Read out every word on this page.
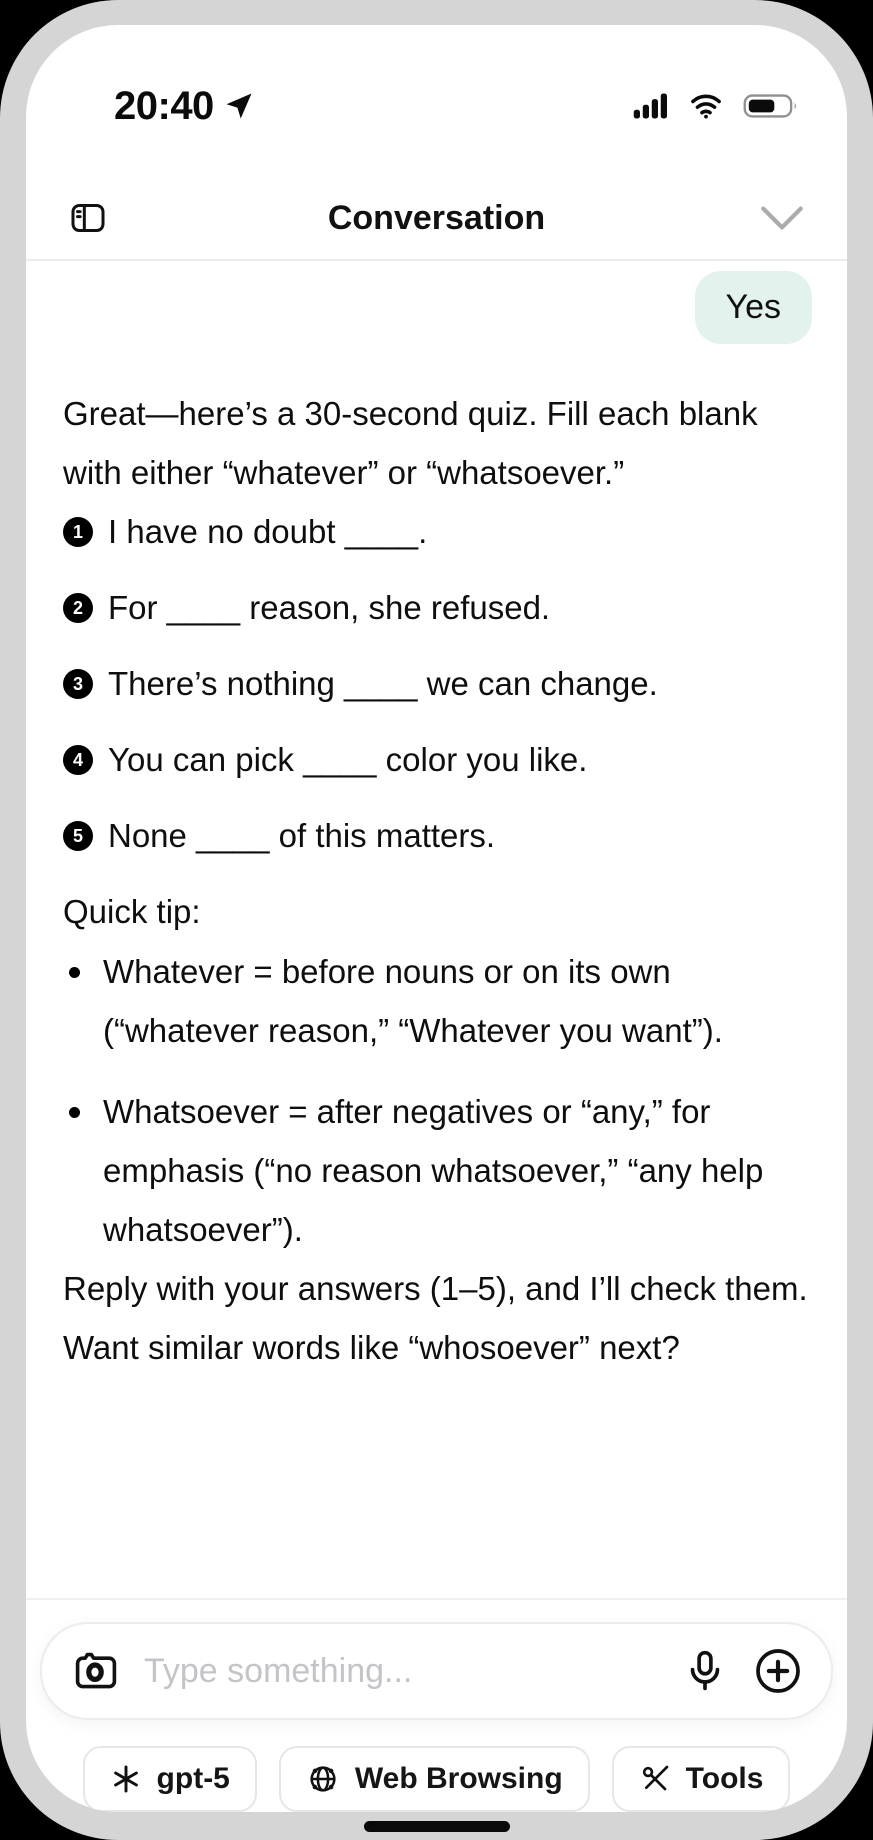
20:40
Conversation
Yes

Great—here’s a 30-second quiz. Fill each blank with either “whatever” or “whatsoever.”

1 I have no doubt ____.
2 For ____ reason, she refused.
3 There’s nothing ____ we can change.
4 You can pick ____ color you like.
5 None ____ of this matters.

Quick tip:

Whatever = before nouns or on its own (“whatever reason,” “Whatever you want”).
Whatsoever = after negatives or “any,” for emphasis (“no reason whatsoever,” “any help whatsoever”).

Reply with your answers (1–5), and I’ll check them. Want similar words like “whosoever” next?

Type something...
gpt-5	Web Browsing	Tools
